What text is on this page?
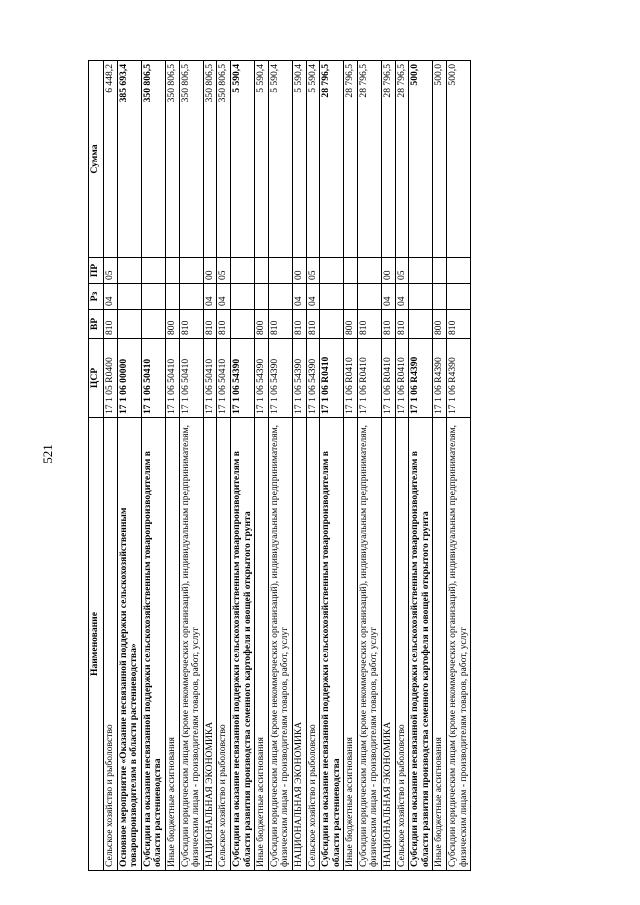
521
Наименование	ЦСР	ВР	Рз	ПР	Сумма
Сельское хозяйство и рыболовство	17 1 05 R0400	810	04	05	6 448,2
Основное мероприятие «Оказание несвязанной поддержки сельскохозяйственным товаропроизводителям в области растениеводства»	17 1 06 00000				385 693,4
Субсидии на оказание несвязанной поддержки сельскохозяйственным товаропроизводителям в области растениеводства	17 1 06 50410				350 806,5
Иные бюджетные ассигнования	17 1 06 50410	800			350 806,5
Субсидии юридическим лицам (кроме некоммерческих организаций), индивидуальным предпринимателям, физическим лицам - производителям товаров, работ, услуг	17 1 06 50410	810			350 806,5
НАЦИОНАЛЬНАЯ ЭКОНОМИКА	17 1 06 50410	810	04	00	350 806,5
Сельское хозяйство и рыболовство	17 1 06 50410	810	04	05	350 806,5
Субсидии на оказание несвязанной поддержки сельскохозяйственным товаропроизводителям в области развития производства семенного картофеля и овощей открытого грунта	17 1 06 54390				5 590,4
Иные бюджетные ассигнования	17 1 06 54390	800			5 590,4
Субсидии юридическим лицам (кроме некоммерческих организаций), индивидуальным предпринимателям, физическим лицам - производителям товаров, работ, услуг	17 1 06 54390	810			5 590,4
НАЦИОНАЛЬНАЯ ЭКОНОМИКА	17 1 06 54390	810	04	00	5 590,4
Сельское хозяйство и рыболовство	17 1 06 54390	810	04	05	5 590,4
Субсидии на оказание несвязанной поддержки сельскохозяйственным товаропроизводителям в области растениеводства	17 1 06 R0410				28 796,5
Иные бюджетные ассигнования	17 1 06 R0410	800			28 796,5
Субсидии юридическим лицам (кроме некоммерческих организаций), индивидуальным предпринимателям, физическим лицам - производителям товаров, работ, услуг	17 1 06 R0410	810			28 796,5
НАЦИОНАЛЬНАЯ ЭКОНОМИКА	17 1 06 R0410	810	04	00	28 796,5
Сельское хозяйство и рыболовство	17 1 06 R0410	810	04	05	28 796,5
Субсидии на оказание несвязанной поддержки сельскохозяйственным товаропроизводителям в области развития производства семенного картофеля и овощей открытого грунта	17 1 06 R4390				500,0
Иные бюджетные ассигнования	17 1 06 R4390	800			500,0
Субсидии юридическим лицам (кроме некоммерческих организаций), индивидуальным предпринимателям, физическим лицам - производителям товаров, работ, услуг	17 1 06 R4390	810			500,0
